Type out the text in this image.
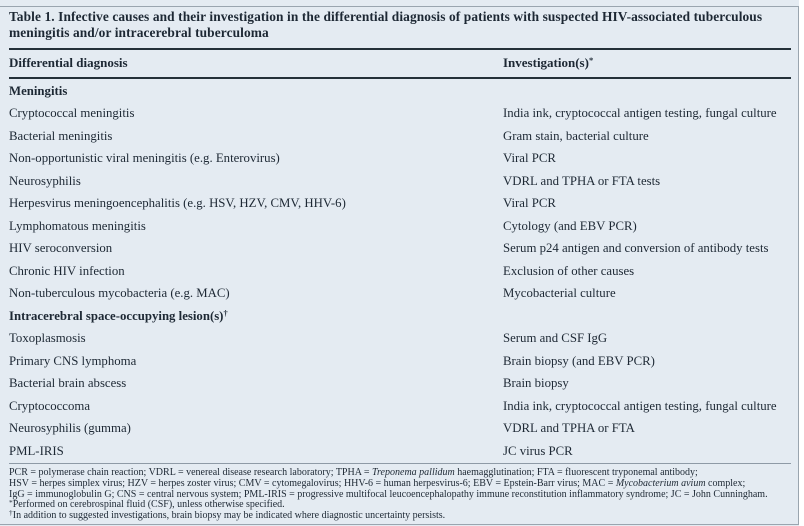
Table 1. Infective causes and their investigation in the differential diagnosis of patients with suspected HIV-associated tuberculous meningitis and/or intracerebral tuberculoma
Differential diagnosis	Investigation(s)*
Meningitis
Cryptococcal meningitis	India ink, cryptococcal antigen testing, fungal culture
Bacterial meningitis	Gram stain, bacterial culture
Non-opportunistic viral meningitis (e.g. Enterovirus)	Viral PCR
Neurosyphilis	VDRL and TPHA or FTA tests
Herpesvirus meningoencephalitis (e.g. HSV, HZV, CMV, HHV-6)	Viral PCR
Lymphomatous meningitis	Cytology (and EBV PCR)
HIV seroconversion	Serum p24 antigen and conversion of antibody tests
Chronic HIV infection	Exclusion of other causes
Non-tuberculous mycobacteria (e.g. MAC)	Mycobacterial culture
Intracerebral space-occupying lesion(s)†
Toxoplasmosis	Serum and CSF IgG
Primary CNS lymphoma	Brain biopsy (and EBV PCR)
Bacterial brain abscess	Brain biopsy
Cryptococcoma	India ink, cryptococcal antigen testing, fungal culture
Neurosyphilis (gumma)	VDRL and TPHA or FTA
PML-IRIS	JC virus PCR
PCR = polymerase chain reaction; VDRL = venereal disease research laboratory; TPHA = Treponema pallidum haemagglutination; FTA = fluorescent tryponemal antibody;
HSV = herpes simplex virus; HZV = herpes zoster virus; CMV = cytomegalovirus; HHV-6 = human herpesvirus-6; EBV = Epstein-Barr virus; MAC = Mycobacterium avium complex;
IgG = immunoglobulin G; CNS = central nervous system; PML-IRIS = progressive multifocal leucoencephalopathy immune reconstitution inflammatory syndrome; JC = John Cunningham.
*Performed on cerebrospinal fluid (CSF), unless otherwise specified.
†In addition to suggested investigations, brain biopsy may be indicated where diagnostic uncertainty persists.
